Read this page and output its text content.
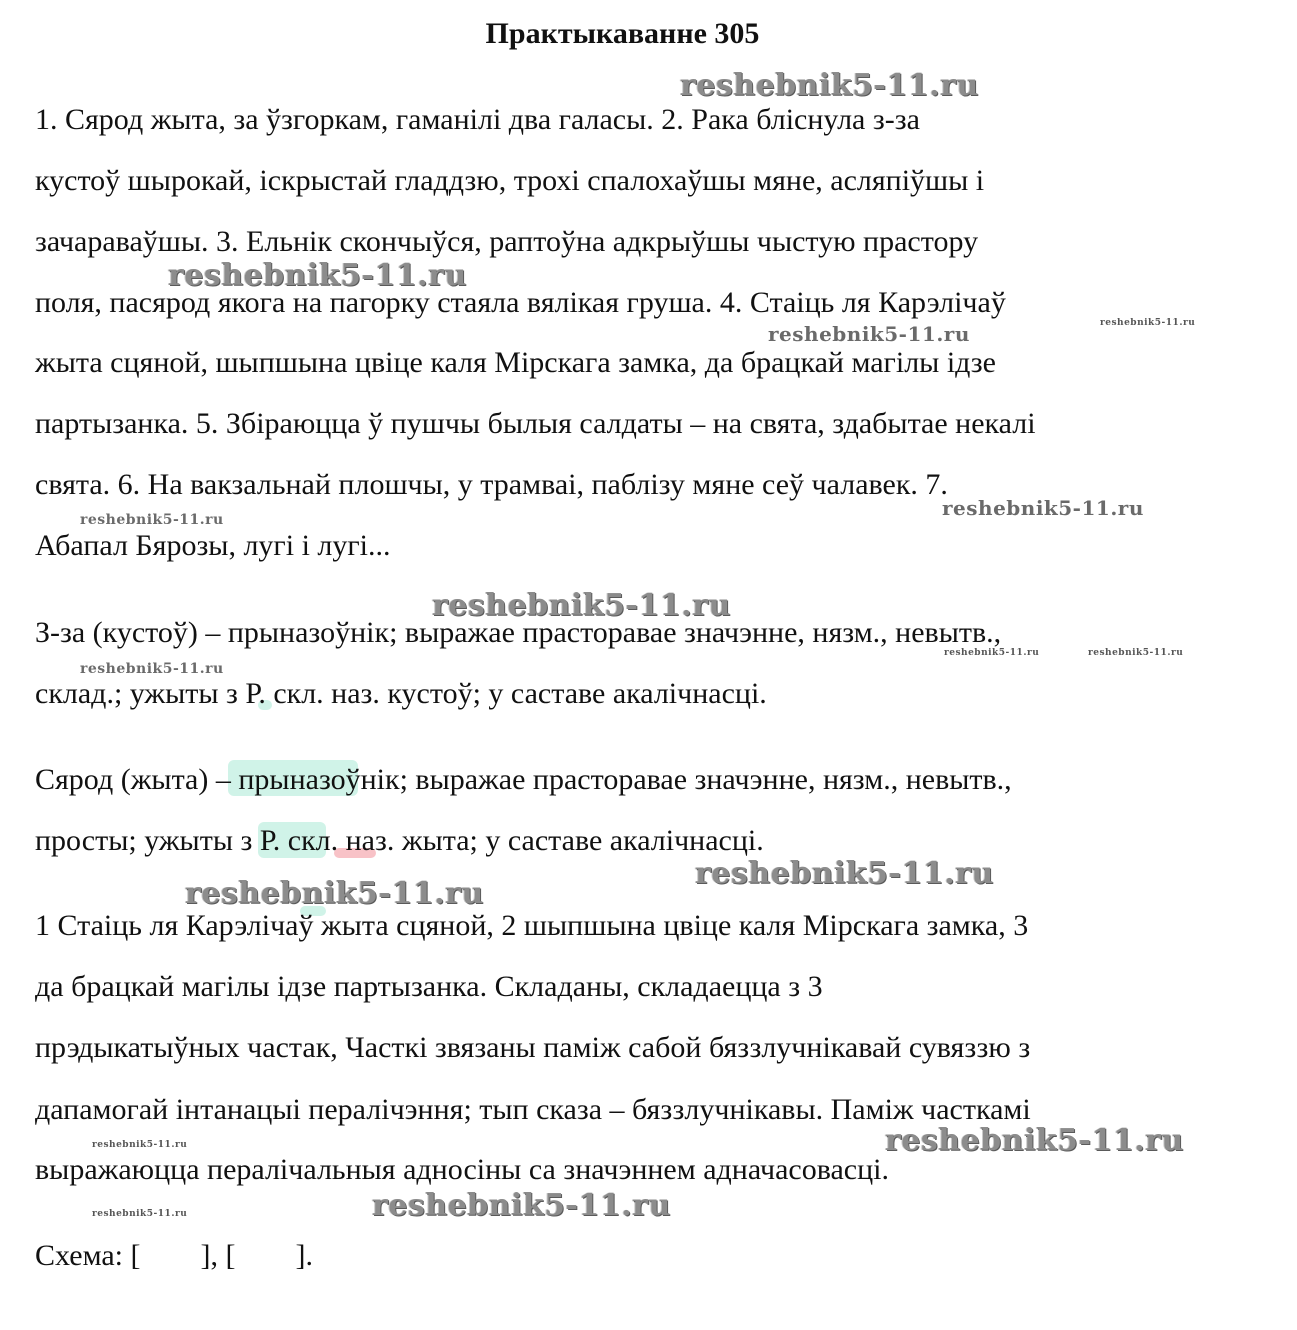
Практыкаванне 305
1. Сярод жыта, за ўзгоркам, гаманілі два галасы. 2. Рака блiснула з-за
кустоў шырокай, іскрыстай гладдзю, трохі спалохаўшы мяне, асляпіўшы і
зачараваўшы. 3. Ельнік скончыўся, раптоўна адкрыўшы чыстую прастору
поля, пасярод якога на пагорку стаяла вялікая груша. 4. Стаіць ля Карэлічаў
жыта сцяной, шыпшына цвіце каля Мірскага замка, да брацкай магілы ідзе
партызанка. 5. Збіраюцца ў пушчы былыя салдаты – на свята, здабытае некалі
свята. 6. На вакзальнай плошчы, у трамваі, паблізу мяне сеў чалавек. 7.
Абапал Бярозы, лугі і лугі...
З-за (кустоў) – прыназоўнік; выражае прасторавае значэнне, нязм., невытв.,
склад.; ужыты з Р. скл. наз. кустоў; у саставе акалічнасці.
Сярод (жыта) – прыназоўнік; выражае прасторавае значэнне, нязм., невытв.,
просты; ужыты з Р. скл. наз. жыта; у саставе акалічнасці.
1 Стаіць ля Карэлічаў жыта сцяной, 2 шыпшына цвіце каля Мірскага замка, 3
да брацкай магілы ідзе партызанка. Складаны, складаецца з 3
прэдыкатыўных частак, Часткі звязаны паміж сабой бяззлучнікавай сувяззю з
дапамогай інтанацыі пералічэння; тып сказа – бяззлучнікавы. Паміж часткамі
выражаюцца пералічальныя адносіны са значэннем адначасовасці.
Схема: [        ], [        ].
reshebnik5-11.ru
reshebnik5-11.ru
reshebnik5-11.ru	reshebnik5-11.ru
reshebnik5-11.ru	reshebnik5-11.ru
reshebnik5-11.ru
reshebnik5-11.ru
reshebnik5-11.ru	reshebnik5-11.ru
reshebnik5-11.ru
reshebnik5-11.ru
reshebnik5-11.ru
reshebnik5-11.ru
reshebnik5-11.ru
reshebnik5-11.ru
